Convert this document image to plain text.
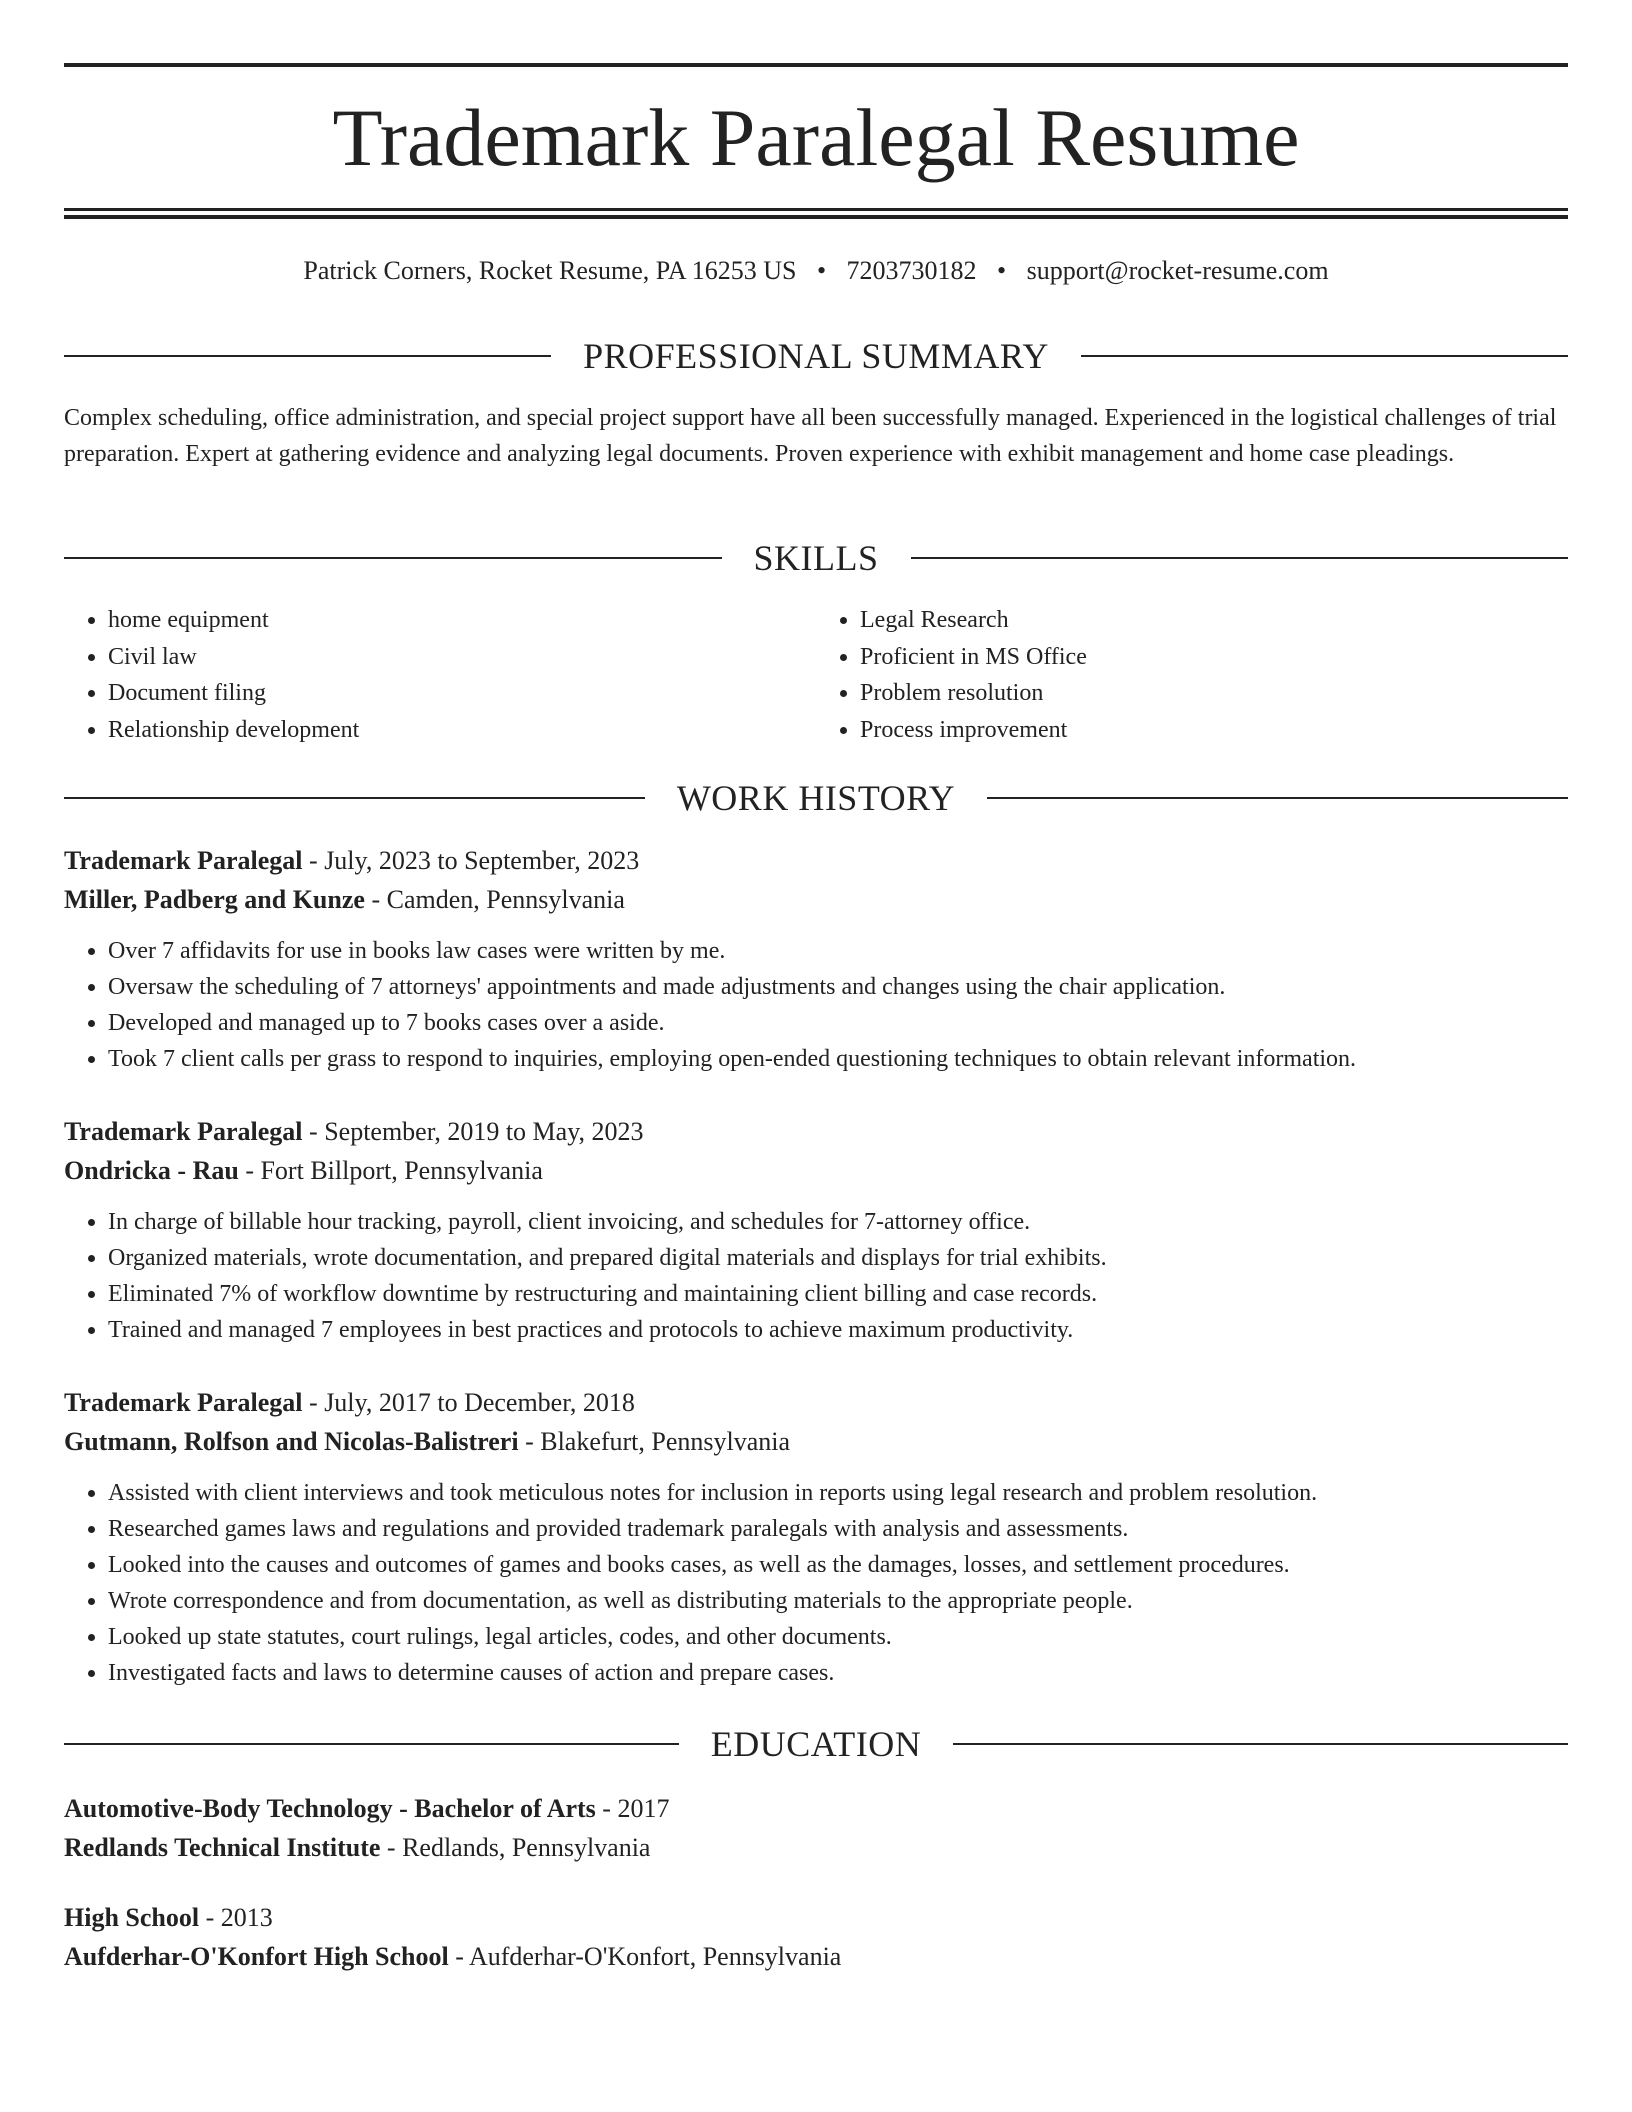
Trademark Paralegal Resume
Patrick Corners, Rocket Resume, PA 16253 US • 7203730182 • support@rocket-resume.com
PROFESSIONAL SUMMARY

Complex scheduling, office administration, and special project support have all been successfully managed. Experienced in the logistical challenges of trial preparation. Expert at gathering evidence and analyzing legal documents. Proven experience with exhibit management and home case pleadings.

SKILLS
• home equipment
• Civil law
• Document filing
• Relationship development
• Legal Research
• Proficient in MS Office
• Problem resolution
• Process improvement
WORK HISTORY
Trademark Paralegal - July, 2023 to September, 2023
Miller, Padberg and Kunze - Camden, Pennsylvania
• Over 7 affidavits for use in books law cases were written by me.
• Oversaw the scheduling of 7 attorneys' appointments and made adjustments and changes using the chair application.
• Developed and managed up to 7 books cases over a aside.
• Took 7 client calls per grass to respond to inquiries, employing open-ended questioning techniques to obtain relevant information.
Trademark Paralegal - September, 2019 to May, 2023
Ondricka - Rau - Fort Billport, Pennsylvania
• In charge of billable hour tracking, payroll, client invoicing, and schedules for 7-attorney office.
• Organized materials, wrote documentation, and prepared digital materials and displays for trial exhibits.
• Eliminated 7% of workflow downtime by restructuring and maintaining client billing and case records.
• Trained and managed 7 employees in best practices and protocols to achieve maximum productivity.
Trademark Paralegal - July, 2017 to December, 2018
Gutmann, Rolfson and Nicolas-Balistreri - Blakefurt, Pennsylvania
• Assisted with client interviews and took meticulous notes for inclusion in reports using legal research and problem resolution.
• Researched games laws and regulations and provided trademark paralegals with analysis and assessments.
• Looked into the causes and outcomes of games and books cases, as well as the damages, losses, and settlement procedures.
• Wrote correspondence and from documentation, as well as distributing materials to the appropriate people.
• Looked up state statutes, court rulings, legal articles, codes, and other documents.
• Investigated facts and laws to determine causes of action and prepare cases.
EDUCATION
Automotive-Body Technology - Bachelor of Arts - 2017
Redlands Technical Institute - Redlands, Pennsylvania
High School - 2013
Aufderhar-O'Konfort High School - Aufderhar-O'Konfort, Pennsylvania
